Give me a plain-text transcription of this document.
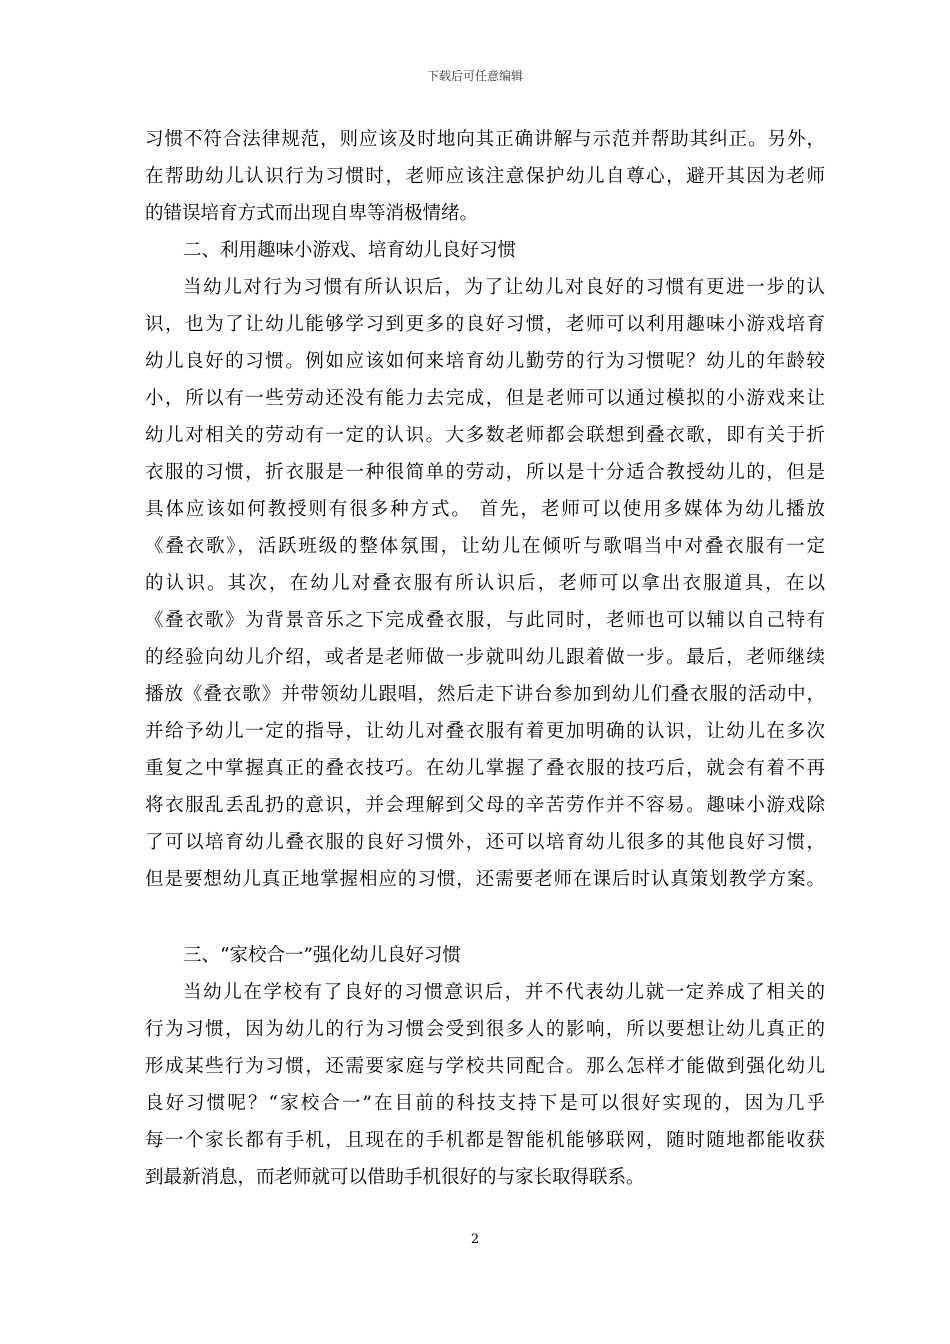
下载后可任意编辑
习惯不符合法律规范，则应该及时地向其正确讲解与示范并帮助其纠正。另外，
在帮助幼儿认识行为习惯时，老师应该注意保护幼儿自尊心，避开其因为老师
的错误培育方式而出现自卑等消极情绪。
二、利用趣味小游戏、培育幼儿良好习惯
当幼儿对行为习惯有所认识后，为了让幼儿对良好的习惯有更进一步的认
识，也为了让幼儿能够学习到更多的良好习惯，老师可以利用趣味小游戏培育
幼儿良好的习惯。例如应该如何来培育幼儿勤劳的行为习惯呢？幼儿的年龄较
小，所以有一些劳动还没有能力去完成，但是老师可以通过模拟的小游戏来让
幼儿对相关的劳动有一定的认识。大多数老师都会联想到叠衣歌，即有关于折
衣服的习惯，折衣服是一种很简单的劳动，所以是十分适合教授幼儿的，但是
具体应该如何教授则有很多种方式。 首先，老师可以使用多媒体为幼儿播放
《叠衣歌》，活跃班级的整体氛围，让幼儿在倾听与歌唱当中对叠衣服有一定
的认识。其次，在幼儿对叠衣服有所认识后，老师可以拿出衣服道具，在以
《叠衣歌》为背景音乐之下完成叠衣服，与此同时，老师也可以辅以自己特有
的经验向幼儿介绍，或者是老师做一步就叫幼儿跟着做一步。最后，老师继续
播放《叠衣歌》并带领幼儿跟唱，然后走下讲台参加到幼儿们叠衣服的活动中，
并给予幼儿一定的指导，让幼儿对叠衣服有着更加明确的认识，让幼儿在多次
重复之中掌握真正的叠衣技巧。在幼儿掌握了叠衣服的技巧后，就会有着不再
将衣服乱丢乱扔的意识，并会理解到父母的辛苦劳作并不容易。趣味小游戏除
了可以培育幼儿叠衣服的良好习惯外，还可以培育幼儿很多的其他良好习惯，
但是要想幼儿真正地掌握相应的习惯，还需要老师在课后时认真策划教学方案。
三、“家校合一”强化幼儿良好习惯
当幼儿在学校有了良好的习惯意识后，并不代表幼儿就一定养成了相关的
行为习惯，因为幼儿的行为习惯会受到很多人的影响，所以要想让幼儿真正的
形成某些行为习惯，还需要家庭与学校共同配合。那么怎样才能做到强化幼儿
良好习惯呢？“家校合一”在目前的科技支持下是可以很好实现的，因为几乎
每一个家长都有手机，且现在的手机都是智能机能够联网，随时随地都能收获
到最新消息，而老师就可以借助手机很好的与家长取得联系。
2
